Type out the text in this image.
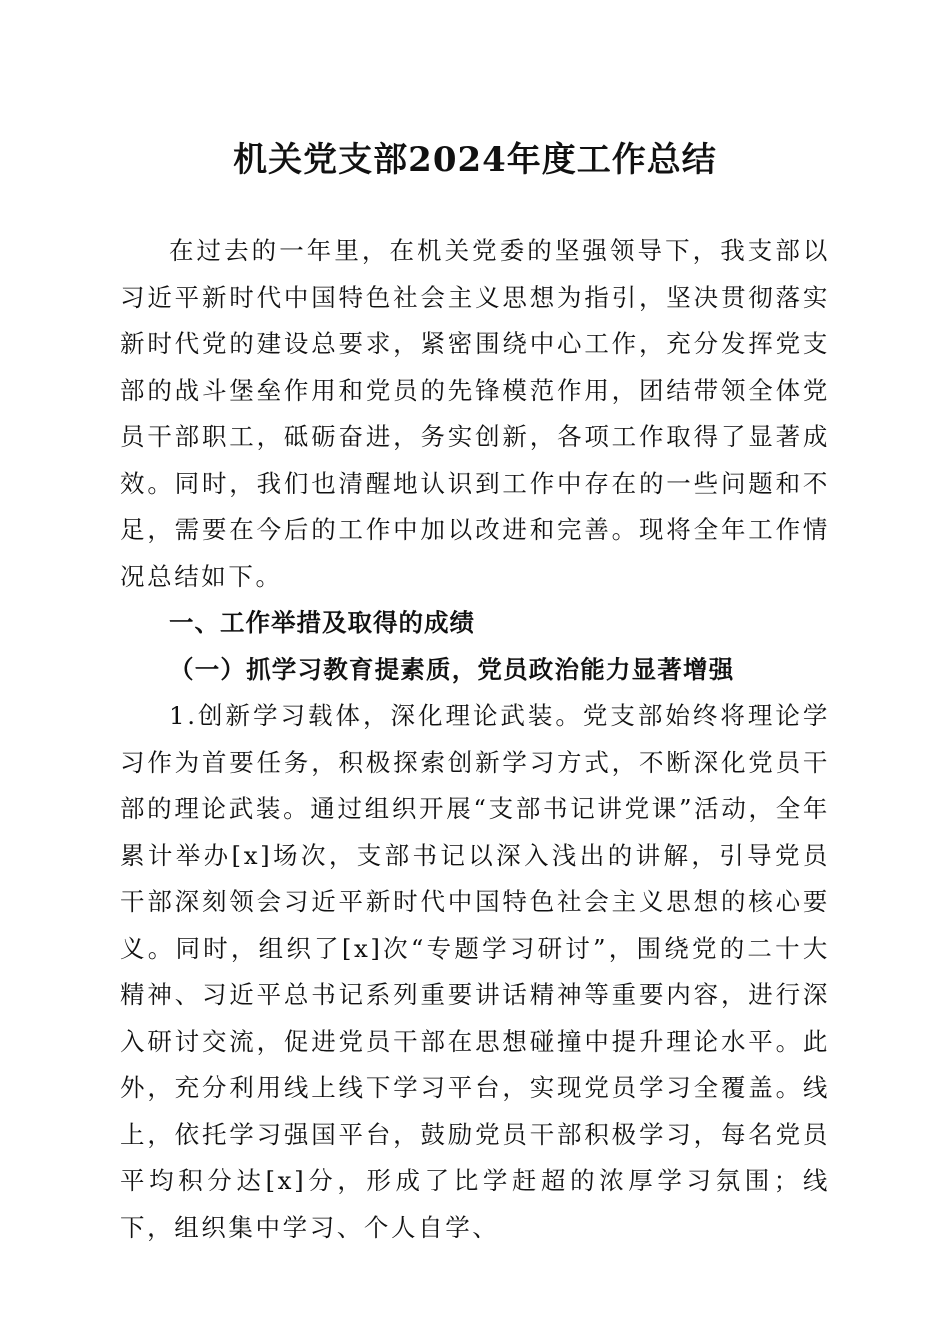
机关党支部2024年度工作总结

在过去的一年里，在机关党委的坚强领导下，我支部以习近平新时代中国特色社会主义思想为指引，坚决贯彻落实新时代党的建设总要求，紧密围绕中心工作，充分发挥党支部的战斗堡垒作用和党员的先锋模范作用，团结带领全体党员干部职工，砥砺奋进，务实创新，各项工作取得了显著成效。同时，我们也清醒地认识到工作中存在的一些问题和不足，需要在今后的工作中加以改进和完善。现将全年工作情况总结如下。

一、工作举措及取得的成绩

（一）抓学习教育提素质，党员政治能力显著增强

1.创新学习载体，深化理论武装。党支部始终将理论学习作为首要任务，积极探索创新学习方式，不断深化党员干部的理论武装。通过组织开展“支部书记讲党课”活动，全年累计举办[x]场次，支部书记以深入浅出的讲解，引导党员干部深刻领会习近平新时代中国特色社会主义思想的核心要义。同时，组织了[x]次“专题学习研讨”，围绕党的二十大精神、习近平总书记系列重要讲话精神等重要内容，进行深入研讨交流，促进党员干部在思想碰撞中提升理论水平。此外，充分利用线上线下学习平台，实现党员学习全覆盖。线上，依托学习强国平台，鼓励党员干部积极学习，每名党员平均积分达[x]分，形成了比学赶超的浓厚学习氛围；线下，组织集中学习、个人自学、
